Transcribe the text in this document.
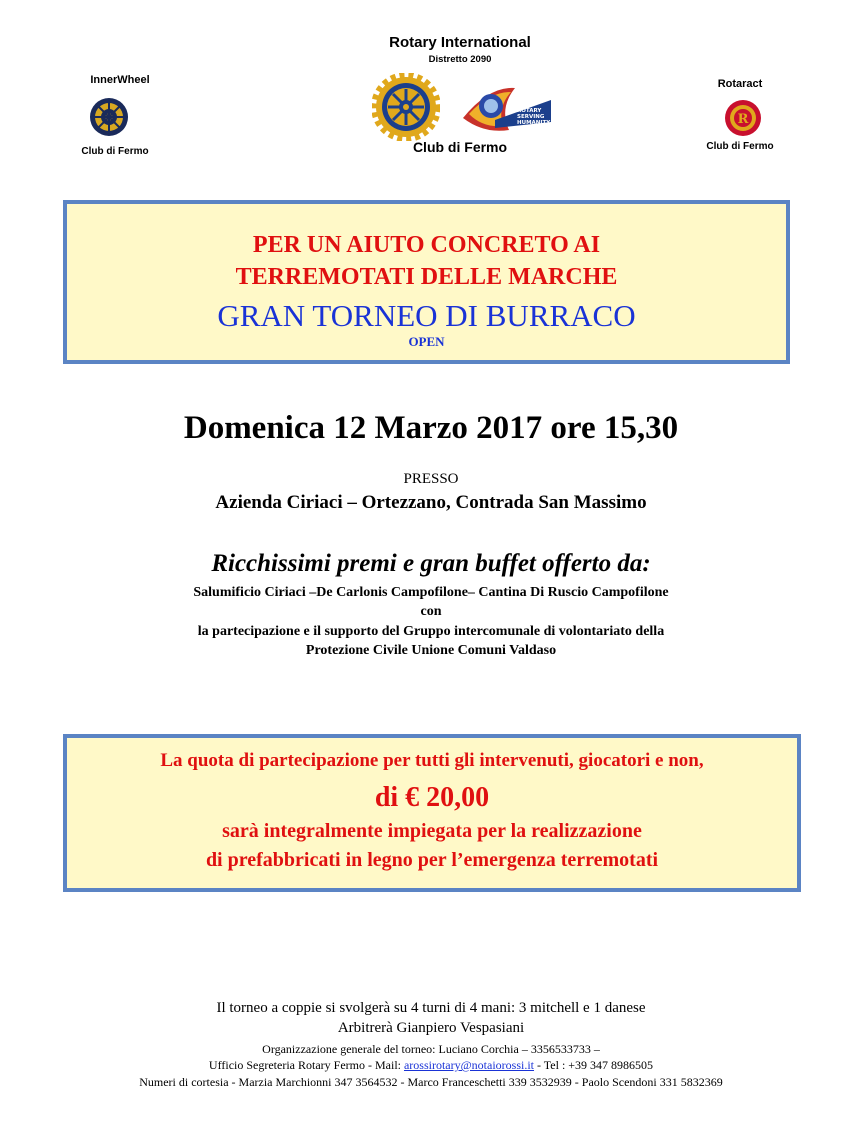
Rotary International
Distretto 2090
Club di Fermo
InnerWheel
Club di Fermo
Rotaract
Club di Fermo
ROTARY
SERVING
HUMANITY	R
PER UN AIUTO CONCRETO AI
TERREMOTATI DELLE MARCHE
GRAN TORNEO DI BURRACO
OPEN
Domenica 12 Marzo 2017 ore 15,30
PRESSO
Azienda Ciriaci – Ortezzano, Contrada San Massimo
Ricchissimi premi e gran buffet offerto da:
Salumificio Ciriaci –De Carlonis Campofilone– Cantina Di Ruscio Campofilone
con
la partecipazione e il supporto del Gruppo intercomunale di volontariato della
Protezione Civile Unione Comuni Valdaso
La quota di partecipazione per tutti gli intervenuti, giocatori e non,
di € 20,00
sarà integralmente impiegata per la realizzazione
di prefabbricati in legno per l’emergenza terremotati
Il torneo a coppie si svolgerà su 4 turni di 4 mani: 3 mitchell e 1 danese
Arbitrerà Gianpiero Vespasiani
Organizzazione generale del torneo: Luciano Corchia – 3356533733 –
Ufficio Segreteria Rotary Fermo - Mail: arossirotary@notaiorossi.it - Tel : +39 347 8986505
Numeri di cortesia - Marzia Marchionni 347 3564532 - Marco Franceschetti 339 3532939 - Paolo Scendoni 331 5832369
